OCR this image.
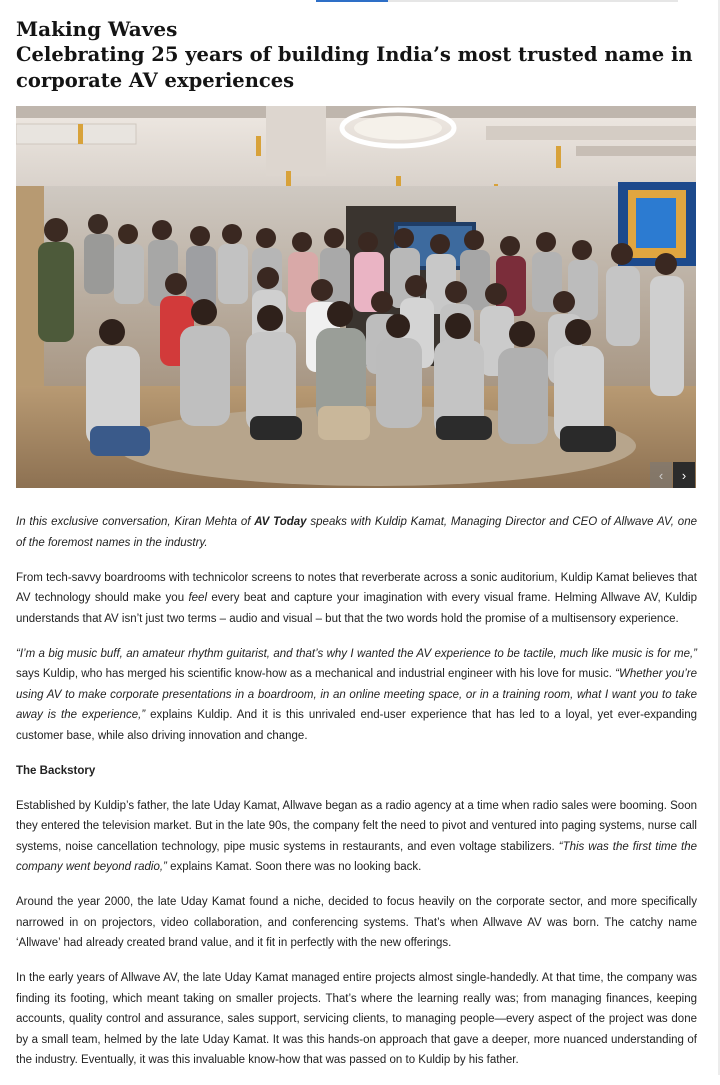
Making Waves
Celebrating 25 years of building India’s most trusted name in corporate AV experiences
‹ ›

In this exclusive conversation, Kiran Mehta of AV Today speaks with Kuldip Kamat, Managing Director and CEO of Allwave AV, one of the foremost names in the industry.

From tech-savvy boardrooms with technicolor screens to notes that reverberate across a sonic auditorium, Kuldip Kamat believes that AV technology should make you feel every beat and capture your imagination with every visual frame. Helming Allwave AV, Kuldip understands that AV isn’t just two terms – audio and visual – but that the two words hold the promise of a multisensory experience.

“I’m a big music buff, an amateur rhythm guitarist, and that’s why I wanted the AV experience to be tactile, much like music is for me,” says Kuldip, who has merged his scientific know-how as a mechanical and industrial engineer with his love for music. “Whether you’re using AV to make corporate presentations in a boardroom, in an online meeting space, or in a training room, what I want you to take away is the experience,” explains Kuldip. And it is this unrivaled end-user experience that has led to a loyal, yet ever-expanding customer base, while also driving innovation and change.

The Backstory

Established by Kuldip’s father, the late Uday Kamat, Allwave began as a radio agency at a time when radio sales were booming. Soon they entered the television market. But in the late 90s, the company felt the need to pivot and ventured into paging systems, nurse call systems, noise cancellation technology, pipe music systems in restaurants, and even voltage stabilizers. “This was the first time the company went beyond radio,” explains Kamat. Soon there was no looking back.

Around the year 2000, the late Uday Kamat found a niche, decided to focus heavily on the corporate sector, and more specifically narrowed in on projectors, video collaboration, and conferencing systems. That’s when Allwave AV was born. The catchy name ‘Allwave’ had already created brand value, and it fit in perfectly with the new offerings.

In the early years of Allwave AV, the late Uday Kamat managed entire projects almost single-handedly. At that time, the company was finding its footing, which meant taking on smaller projects. That’s where the learning really was; from managing finances, keeping accounts, quality control and assurance, sales support, servicing clients, to managing people—every aspect of the project was done by a small team, helmed by the late Uday Kamat. It was this hands-on approach that gave a deeper, more nuanced understanding of the industry. Eventually, it was this invaluable know-how that was passed on to Kuldip by his father.
